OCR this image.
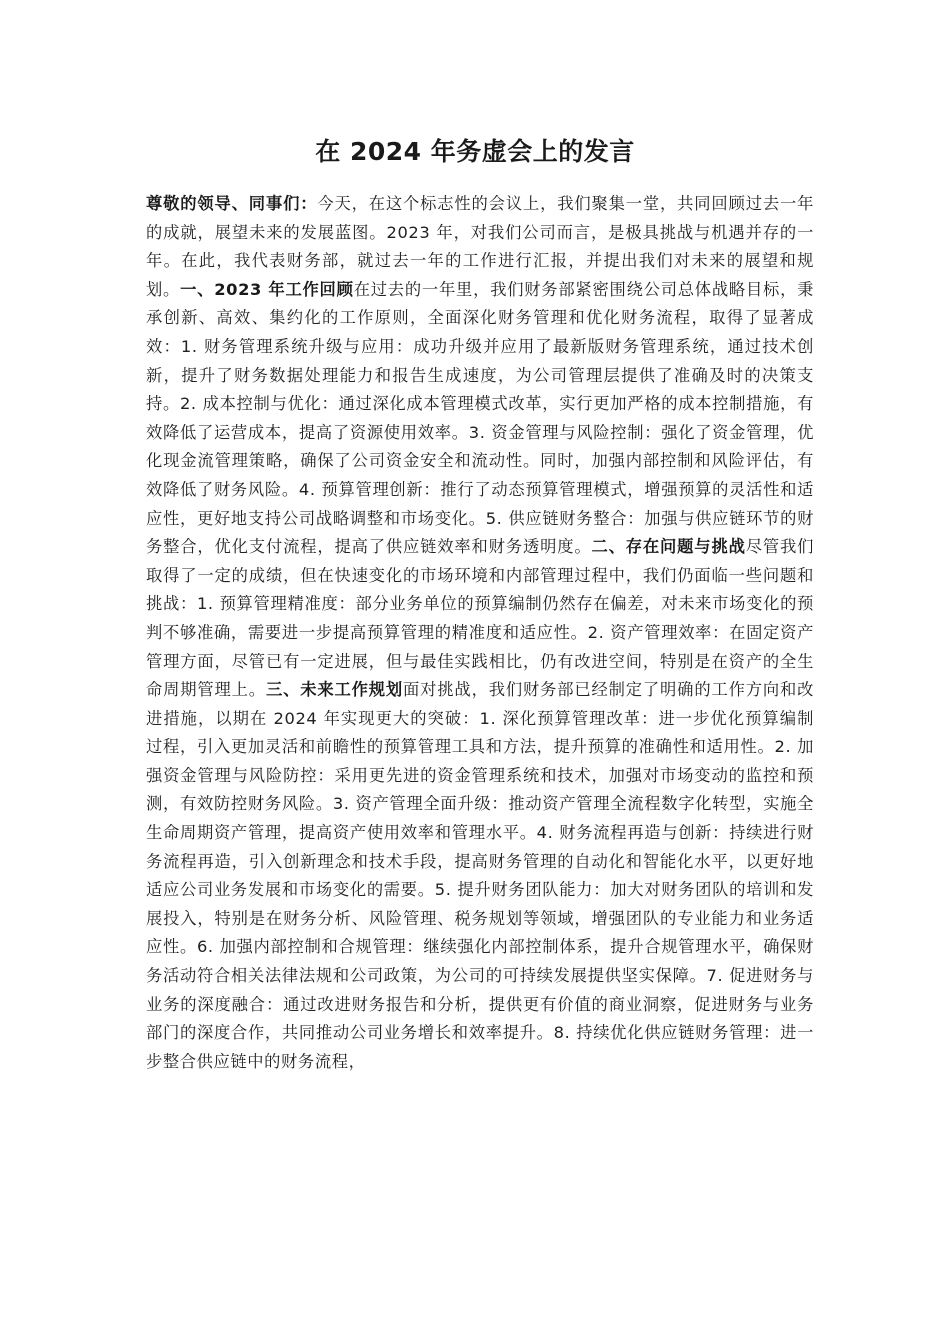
在 2024 年务虚会上的发言
尊敬的领导、同事们：今天，在这个标志性的会议上，我们聚集一堂，共同回顾过去一年的成就，展望未来的发展蓝图。2023 年，对我们公司而言，是极具挑战与机遇并存的一年。在此，我代表财务部，就过去一年的工作进行汇报，并提出我们对未来的展望和规划。一、2023 年工作回顾在过去的一年里，我们财务部紧密围绕公司总体战略目标，秉承创新、高效、集约化的工作原则，全面深化财务管理和优化财务流程，取得了显著成效：1. 财务管理系统升级与应用：成功升级并应用了最新版财务管理系统，通过技术创新，提升了财务数据处理能力和报告生成速度，为公司管理层提供了准确及时的决策支持。2. 成本控制与优化：通过深化成本管理模式改革，实行更加严格的成本控制措施，有效降低了运营成本，提高了资源使用效率。3. 资金管理与风险控制：强化了资金管理，优化现金流管理策略，确保了公司资金安全和流动性。同时，加强内部控制和风险评估，有效降低了财务风险。4. 预算管理创新：推行了动态预算管理模式，增强预算的灵活性和适应性，更好地支持公司战略调整和市场变化。5. 供应链财务整合：加强与供应链环节的财务整合，优化支付流程，提高了供应链效率和财务透明度。二、存在问题与挑战尽管我们取得了一定的成绩，但在快速变化的市场环境和内部管理过程中，我们仍面临一些问题和挑战：1. 预算管理精准度：部分业务单位的预算编制仍然存在偏差，对未来市场变化的预判不够准确，需要进一步提高预算管理的精准度和适应性。2. 资产管理效率：在固定资产管理方面，尽管已有一定进展，但与最佳实践相比，仍有改进空间，特别是在资产的全生命周期管理上。三、未来工作规划面对挑战，我们财务部已经制定了明确的工作方向和改进措施，以期在 2024 年实现更大的突破：1. 深化预算管理改革：进一步优化预算编制过程，引入更加灵活和前瞻性的预算管理工具和方法，提升预算的准确性和适用性。2. 加强资金管理与风险防控：采用更先进的资金管理系统和技术，加强对市场变动的监控和预测，有效防控财务风险。3. 资产管理全面升级：推动资产管理全流程数字化转型，实施全生命周期资产管理，提高资产使用效率和管理水平。4. 财务流程再造与创新：持续进行财务流程再造，引入创新理念和技术手段，提高财务管理的自动化和智能化水平，以更好地适应公司业务发展和市场变化的需要。5. 提升财务团队能力：加大对财务团队的培训和发展投入，特别是在财务分析、风险管理、税务规划等领域，增强团队的专业能力和业务适应性。6. 加强内部控制和合规管理：继续强化内部控制体系，提升合规管理水平，确保财务活动符合相关法律法规和公司政策，为公司的可持续发展提供坚实保障。7. 促进财务与业务的深度融合：通过改进财务报告和分析，提供更有价值的商业洞察，促进财务与业务部门的深度合作，共同推动公司业务增长和效率提升。8. 持续优化供应链财务管理：进一步整合供应链中的财务流程，
